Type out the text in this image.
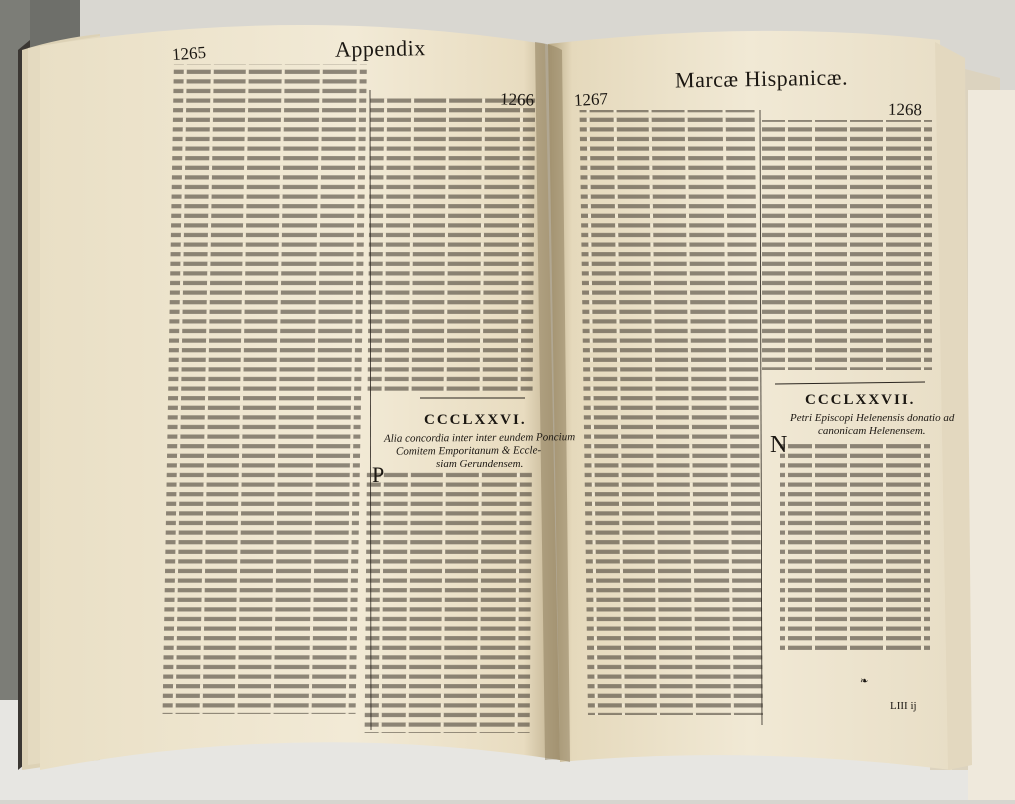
P
N
❧
1265	Appendix
1266
CCCLXXVI.
Alia concordia inter inter eundem Poncium
Comitem Emporitanum & Eccle-
siam Gerundensem.
1267
Marcæ Hispanicæ.
1268
CCCLXXVII.
Petri Episcopi Helenensis donatio ad
canonicam Helenensem.
LIII ij
